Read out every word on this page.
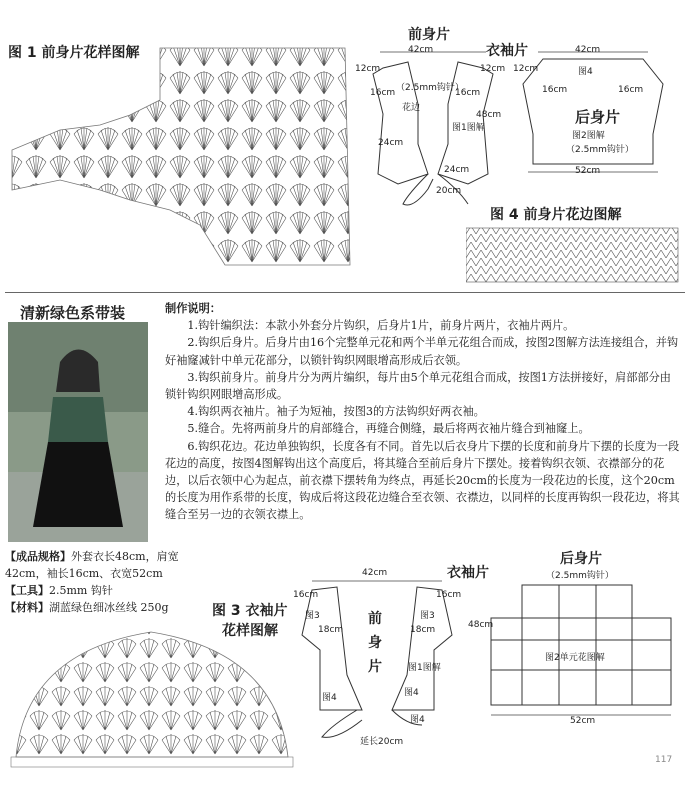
图 1 前身片花样图解
前身片
衣袖片
42cm
12cm	12cm
16cm	16cm
（2.5mm钩针）
花边
图1图解
48cm
24cm
24cm
20cm
42cm
12cm	图4
16cm	16cm
后身片
图2图解
（2.5mm钩针）
52cm
图 4 前身片花边图解
清新绿色系带装	制作说明：

1.钩针编织法：本款小外套分片钩织，后身片1片，前身片两片，衣袖片两片。

2.钩织后身片。后身片由16个完整单元花和两个半单元花组合而成，按图2图解方法连接组合，并钩好袖窿减针中单元花部分，以锁针钩织网眼增高形成后衣领。

3.钩织前身片。前身片分为两片编织，每片由5个单元花组合而成，按图1方法拼接好，肩部部分由锁针钩织网眼增高形成。

4.钩织两衣袖片。袖子为短袖，按图3的方法钩织好两衣袖。

5.缝合。先将两前身片的肩部缝合，再缝合侧缝，最后将两衣袖片缝合到袖窿上。

6.钩织花边。花边单独钩织，长度各有不同。首先以后衣身片下摆的长度和前身片下摆的长度为一段花边的高度，按图4图解钩出这个高度后，将其缝合至前后身片下摆处。接着钩织衣领、衣襟部分的花边，以后衣领中心为起点，前衣襟下摆转角为终点，再延长20cm的长度为一段花边的长度，这个20cm的长度为用作系带的长度，钩成后将这段花边缝合至衣领、衣襟边，以同样的长度再钩织一段花边，将其缝合至另一边的衣领衣襟上。

【成品规格】外套衣长48cm，肩宽42cm，袖长16cm、衣宽52cm
【工具】2.5mm 钩针
【材料】湖蓝绿色细冰丝线 250g	图 3 衣袖片
花样图解
衣袖片
42cm
16cm	16cm
图3	图3
18cm	18cm
前
身
片	图1图解
图4	图4
图4
延长20cm
后身片
（2.5mm钩针）
48cm
图2单元花图解
52cm
117
